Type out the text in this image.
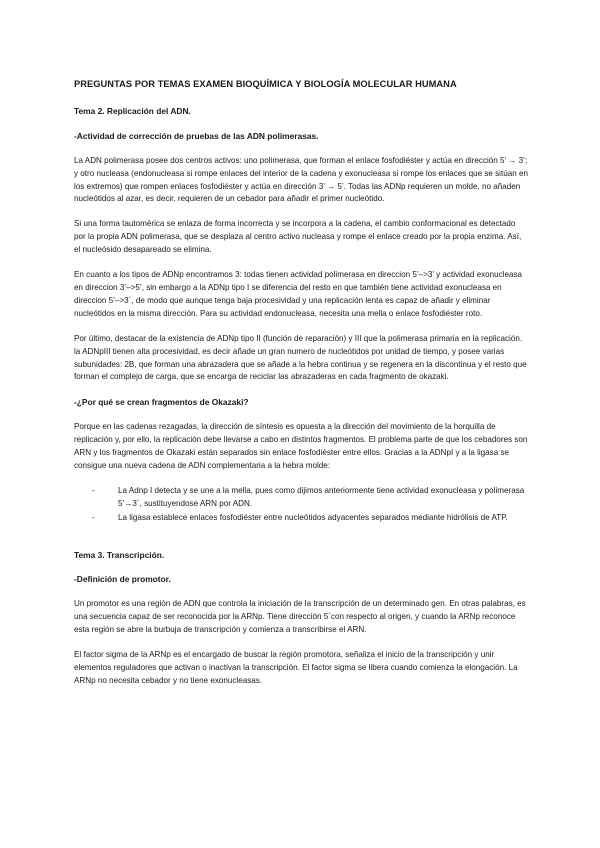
PREGUNTAS POR TEMAS EXAMEN BIOQUÍMICA Y BIOLOGÍA MOLECULAR HUMANA
Tema 2. Replicación del ADN.
-Actividad de corrección de pruebas de las ADN polimerasas.

La ADN polimerasa posee dos centros activos: uno polimerasa, que forman el enlace fosfodiéster y actúa en dirección 5’ → 3’; y otro nucleasa (endonucleasa si rompe enlaces del interior de la cadena y exonucleasa si rompe los enlaces que se sitúan en los extremos) que rompen enlaces fosfodiéster y actúa en dirección 3’ → 5’. Todas las ADNp requieren un molde, no añaden nucleótidos al azar, es decir, requieren de un cebador para añadir el primer nucleótido.

Si una forma tautomérica se enlaza de forma incorrecta y se incorpora a la cadena, el cambio conformacional es detectado por la propia ADN polimerasa, que se desplaza al centro activo nucleasa y rompe el enlace creado por la propia enzima. Así, el nucleósido desapareado se elimina.

En cuanto a los tipos de ADNp encontramos 3: todas tienen actividad polimerasa en direccion 5’–>3’ y actividad exonucleasa en direccion 3’–>5’, sin embargo a la ADNp tipo I se diferencia del resto en que también tiene actividad exonucleasa en direccion 5’–>3´, de modo que aunque tenga baja procesividad y una replicación lenta es capaz de añadir y eliminar nucleótidos en la misma dirección. Para su actividad endonucleasa, necesita una mella o enlace fosfodiéster roto.

Por último, destacar de la existencia de ADNp tipo II (función de reparación) y III que la polimerasa primaria en la replicación. la ADNpIII tienen alta procesividad, es decir añade un gran numero de nucleótidos por unidad de tiempo, y posee varias subunidades: 2B, que forman una abrazadera que se añade a la hebra continua y se regenera en la discontinua y el resto que forman el complejo de carga, que se encarga de reciclar las abrazaderas en cada fragmento de okazaki.

-¿Por qué se crean fragmentos de Okazaki?

Porque en las cadenas rezagadas, la dirección de síntesis es opuesta a la dirección del movimiento de la horquilla de replicación y, por ello, la replicación debe llevarse a cabo en distintos fragmentos. El problema parte de que los cebadores son ARN y los fragmentos de Okazaki están separados sin enlace fosfodiéster entre ellos. Gracias a la ADNpI y a la ligasa se consigue una nueva cadena de ADN complementaria a la hebra molde:

-	La Adnp I detecta y se une a la mella, pues como dijimos anteriormente tiene actividad exonucleasa y polimerasa 5’→3´, sustituyendose ARN por ADN.
-	La ligasa establece enlaces fosfodiéster entre nucleótidos adyacentes separados mediante hidrólisis de ATP.
Tema 3. Transcripción.
-Definición de promotor.

Un promotor es una región de ADN que controla la iniciación de la transcripción de un determinado gen. En otras palabras, es una secuencia capaz de ser reconocida por la ARNp. Tiene dirección 5´con respecto al origen, y cuando la ARNp reconoce esta región se abre la burbuja de transcripción y comienza a transcribirse el ARN.

El factor sigma de la ARNp es el encargado de buscar la región promotora, señaliza el inicio de la transcripción y unir elementos reguladores que activan o inactivan la transcripción. El factor sigma se libera cuando comienza la elongación. La ARNp no necesita cebador y no tiene exonucleasas.
